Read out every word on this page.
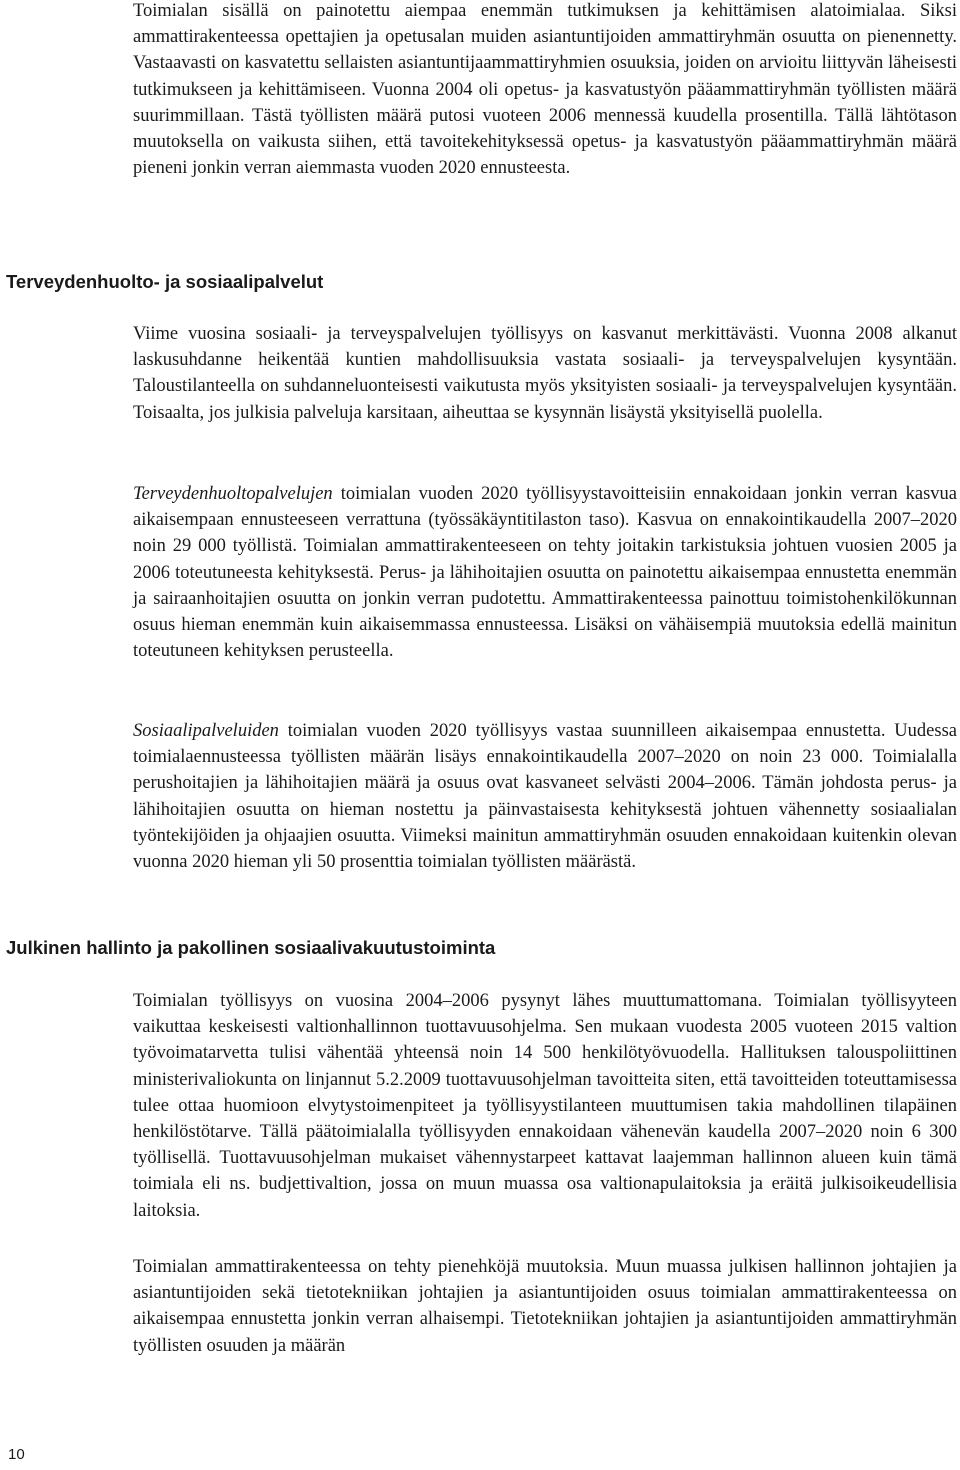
Toimialan sisällä on painotettu aiempaa enemmän tutkimuksen ja kehittämisen alatoimialaa. Siksi ammattirakenteessa opettajien ja opetusalan muiden asiantuntijoiden ammattiryhmän osuutta on pienennetty. Vastaavasti on kasvatettu sellaisten asiantuntijaammattiryhmien osuuksia, joiden on arvioitu liittyvän läheisesti tutkimukseen ja kehittämiseen. Vuonna 2004 oli opetus- ja kasvatustyön pääammattiryhmän työllisten määrä suurimmillaan. Tästä työllisten määrä putosi vuoteen 2006 mennessä kuudella prosentilla. Tällä lähtötason muutoksella on vaikusta siihen, että tavoitekehityksessä opetus- ja kasvatustyön pääammattiryhmän määrä pieneni jonkin verran aiemmasta vuoden 2020 ennusteesta.

Terveydenhuolto- ja sosiaalipalvelut

Viime vuosina sosiaali- ja terveyspalvelujen työllisyys on kasvanut merkittävästi. Vuonna 2008 alkanut laskusuhdanne heikentää kuntien mahdollisuuksia vastata sosiaali- ja terveyspalvelujen kysyntään. Taloustilanteella on suhdanneluonteisesti vaikutusta myös yksityisten sosiaali- ja terveyspalvelujen kysyntään. Toisaalta, jos julkisia palveluja karsitaan, aiheuttaa se kysynnän lisäystä yksityisellä puolella.

Terveydenhuoltopalvelujen toimialan vuoden 2020 työllisyystavoitteisiin ennakoidaan jonkin verran kasvua aikaisempaan ennusteeseen verrattuna (työssäkäyntitilaston taso). Kasvua on ennakointikaudella 2007–2020 noin 29 000 työllistä. Toimialan ammattirakenteeseen on tehty joitakin tarkistuksia johtuen vuosien 2005 ja 2006 toteutuneesta kehityksestä. Perus- ja lähihoitajien osuutta on painotettu aikaisempaa ennustetta enemmän ja sairaanhoitajien osuutta on jonkin verran pudotettu. Ammattirakenteessa painottuu toimistohenkilökunnan osuus hieman enemmän kuin aikaisemmassa ennusteessa. Lisäksi on vähäisempiä muutoksia edellä mainitun toteutuneen kehityksen perusteella.

Sosiaalipalveluiden toimialan vuoden 2020 työllisyys vastaa suunnilleen aikaisempaa ennustetta. Uudessa toimialaennusteessa työllisten määrän lisäys ennakointikaudella 2007–2020 on noin 23 000. Toimialalla perushoitajien ja lähihoitajien määrä ja osuus ovat kasvaneet selvästi 2004–2006. Tämän johdosta perus- ja lähihoitajien osuutta on hieman nostettu ja päinvastaisesta kehityksestä johtuen vähennetty sosiaalialan työntekijöiden ja ohjaajien osuutta. Viimeksi mainitun ammattiryhmän osuuden ennakoidaan kuitenkin olevan vuonna 2020 hieman yli 50 prosenttia toimialan työllisten määrästä.

Julkinen hallinto ja pakollinen sosiaalivakuutustoiminta

Toimialan työllisyys on vuosina 2004–2006 pysynyt lähes muuttumattomana. Toimialan työllisyyteen vaikuttaa keskeisesti valtionhallinnon tuottavuusohjelma. Sen mukaan vuodesta 2005 vuoteen 2015 valtion työvoimatarvetta tulisi vähentää yhteensä noin 14 500 henkilötyövuodella. Hallituksen talouspoliittinen ministerivaliokunta on linjannut 5.2.2009 tuottavuusohjelman tavoitteita siten, että tavoitteiden toteuttamisessa tulee ottaa huomioon elvytystoimenpiteet ja työllisyystilanteen muuttumisen takia mahdollinen tilapäinen henkilöstötarve. Tällä päätoimialalla työllisyyden ennakoidaan vähenevän kaudella 2007–2020 noin 6 300 työllisellä. Tuottavuusohjelman mukaiset vähennystarpeet kattavat laajemman hallinnon alueen kuin tämä toimiala eli ns. budjettivaltion, jossa on muun muassa osa valtionapulaitoksia ja eräitä julkisoikeudellisia laitoksia.

Toimialan ammattirakenteessa on tehty pienehköjä muutoksia. Muun muassa julkisen hallinnon johtajien ja asiantuntijoiden sekä tietotekniikan johtajien ja asiantuntijoiden osuus toimialan ammattirakenteessa on aikaisempaa ennustetta jonkin verran alhaisempi. Tietotekniikan johtajien ja asiantuntijoiden ammattiryhmän työllisten osuuden ja määrän

10
